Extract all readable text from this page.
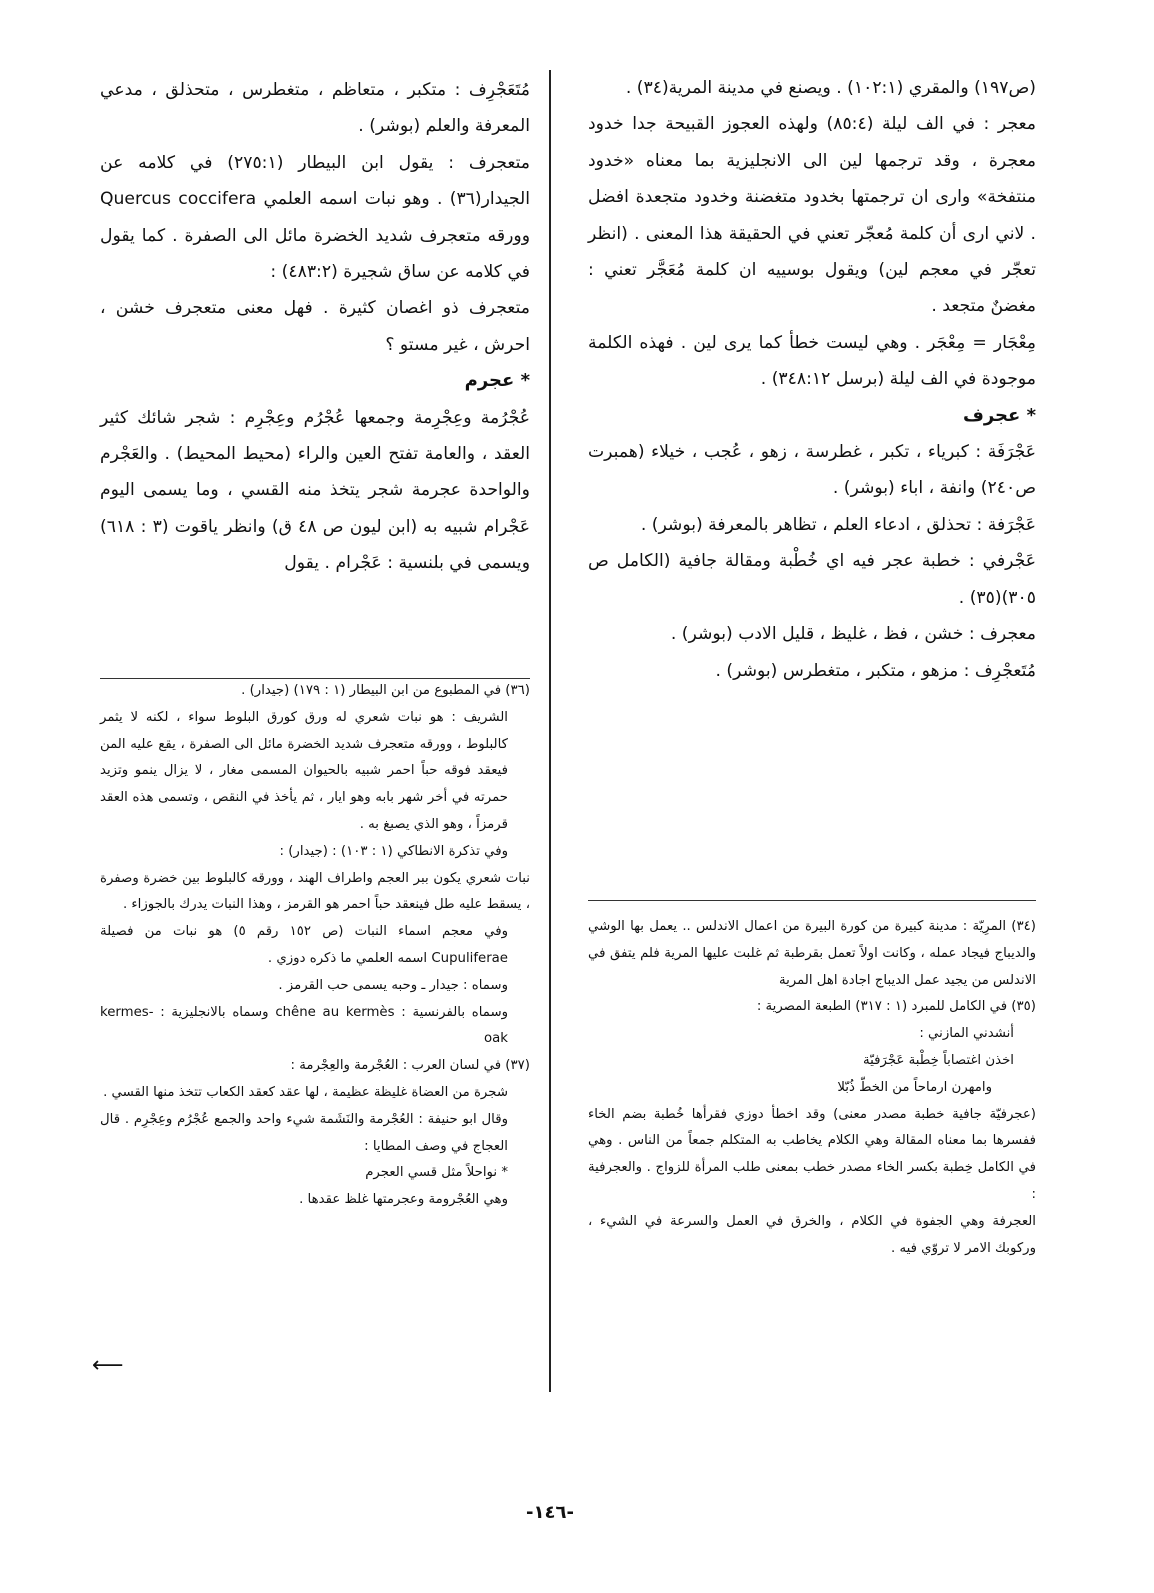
(ص١٩٧) والمقري (١٠٢:١) . ويصنع في مدينة المرية(٣٤) .

معجر : في الف ليلة (٨٥:٤) ولهذه العجوز القبيحة جدا خدود معجرة ، وقد ترجمها لين الى الانجليزية بما معناه «خدود منتفخة» وارى ان ترجمتها بخدود متغضنة وخدود متجعدة افضل . لاني ارى أن كلمة مُعجّر تعني في الحقيقة هذا المعنى . (انظر تعجّر في معجم لين) ويقول بوسييه ان كلمة مُعَجَّر تعني : مغضنٌ متجعد .

مِعْجَار = مِعْجَر . وهي ليست خطأ كما يرى لين . فهذه الكلمة موجودة في الف ليلة (برسل ٣٤٨:١٢) .

* عجرف

عَجْرَفَة : كبرياء ، تكبر ، غطرسة ، زهو ، عُجب ، خيلاء (همبرت ص٢٤٠) وانفة ، اباء (بوشر) .

عَجْرَفة : تحذلق ، ادعاء العلم ، تظاهر بالمعرفة (بوشر) .

عَجْرفي : خطبة عجر فيه اي خُطْبة ومقالة جافية (الكامل ص ٣٠٥)(٣٥) .

معجرف : خشن ، فظ ، غليظ ، قليل الادب (بوشر) .

مُتَعجْرِف : مزهو ، متكبر ، متغطرس (بوشر) .

مُتَعَجْرِف : متكبر ، متعاظم ، متغطرس ، متحذلق ، مدعي المعرفة والعلم (بوشر) .

متعجرف : يقول ابن البيطار (٢٧٥:١) في كلامه عن الجيدار(٣٦) . وهو نبات اسمه العلمي Quercus coccifera وورقه متعجرف شديد الخضرة مائل الى الصفرة . كما يقول في كلامه عن ساق شجيرة (٤٨٣:٢) :

متعجرف ذو اغصان كثيرة . فهل معنى متعجرف خشن ، احرش ، غير مستو ؟

* عجرم

عُجْرُمة وعِجْرِمة وجمعها عُجْرُم وعِجْرِم : شجر شائك كثير العقد ، والعامة تفتح العين والراء (محيط المحيط) . والعَجْرم والواحدة عجرمة شجر يتخذ منه القسي ، وما يسمى اليوم عَجْرام شبيه به (ابن ليون ص ٤٨ ق) وانظر ياقوت (٣ : ٦١٨) ويسمى في بلنسية : عَجْرام . يقول

(٣٤) المرِيّة : مدينة كبيرة من كورة البيرة من اعمال الاندلس .. يعمل بها الوشي والديباج فيجاد عمله ، وكانت اولاً تعمل بقرطبة ثم غلبت عليها المرية فلم يتفق في الاندلس من يجيد عمل الديباج اجادة اهل المرية

(٣٥) في الكامل للمبرد (١ : ٣١٧) الطبعة المصرية :

أنشدني المازني :

اخذن اغتصاباً خِطْبة عَجْرَفيّة

وامهرن ارماحاً من الخطّ ذُبّلا

(عجرفيّة جافية خطبة مصدر معنى) وقد اخطأ دوزي فقرأها خُطبة بضم الخاء ففسرها بما معناه المقالة وهي الكلام يخاطب به المتكلم جمعاً من الناس . وهي في الكامل خِطبة بكسر الخاء مصدر خطب بمعنى طلب المرأة للزواج . والعجرفية :

العجرفة وهي الجفوة في الكلام ، والخرق في العمل والسرعة في الشيء ، وركوبك الامر لا تروّي فيه .

(٣٦) في المطبوع من ابن البيطار (١ : ١٧٩) (جيدار) .

الشريف : هو نبات شعري له ورق كورق البلوط سواء ، لكنه لا يثمر كالبلوط ، وورقه متعجرف شديد الخضرة مائل الى الصفرة ، يقع عليه المن فيعقد فوقه حباً احمر شبيه بالحيوان المسمى مغار ، لا يزال ينمو وتزيد حمرته في أخر شهر بابه وهو ايار ، ثم يأخذ في النقص ، وتسمى هذه العقد قرمزاً ، وهو الذي يصبغ به .

وفي تذكرة الانطاكي (١ : ١٠٣) : (جيدار) :

نبات شعري يكون ببر العجم واطراف الهند ، وورقه كالبلوط بين خضرة وصفرة ، يسقط عليه طل فينعقد حباً احمر هو القرمز ، وهذا النبات يدرك بالجوزاء .

وفي معجم اسماء النبات (ص ١٥٢ رقم ٥) هو نبات من فصيلة Cupuliferae اسمه العلمي ما ذكره دوزي .

وسماه : جيدار ـ وحبه يسمى حب القرمز .

وسماه بالفرنسية : chêne au kermès وسماه بالانجليزية : kermes-oak

(٣٧) في لسان العرب : العُجْرمة والعِجْرمة :

شجرة من العضاة غليظة عظيمة ، لها عقد كعقد الكعاب تتخذ منها القسي .

وقال ابو حنيفة : العُجْرمة والنَشَمة شيء واحد والجمع عُجْرُم وعِجْرِم . قال العجاج في وصف المطايا :

* نواحلاً مثل قسي العجرم

وهي العُجْرومة وعجرمتها غلظ عقدها .

⟵
-١٤٦-
